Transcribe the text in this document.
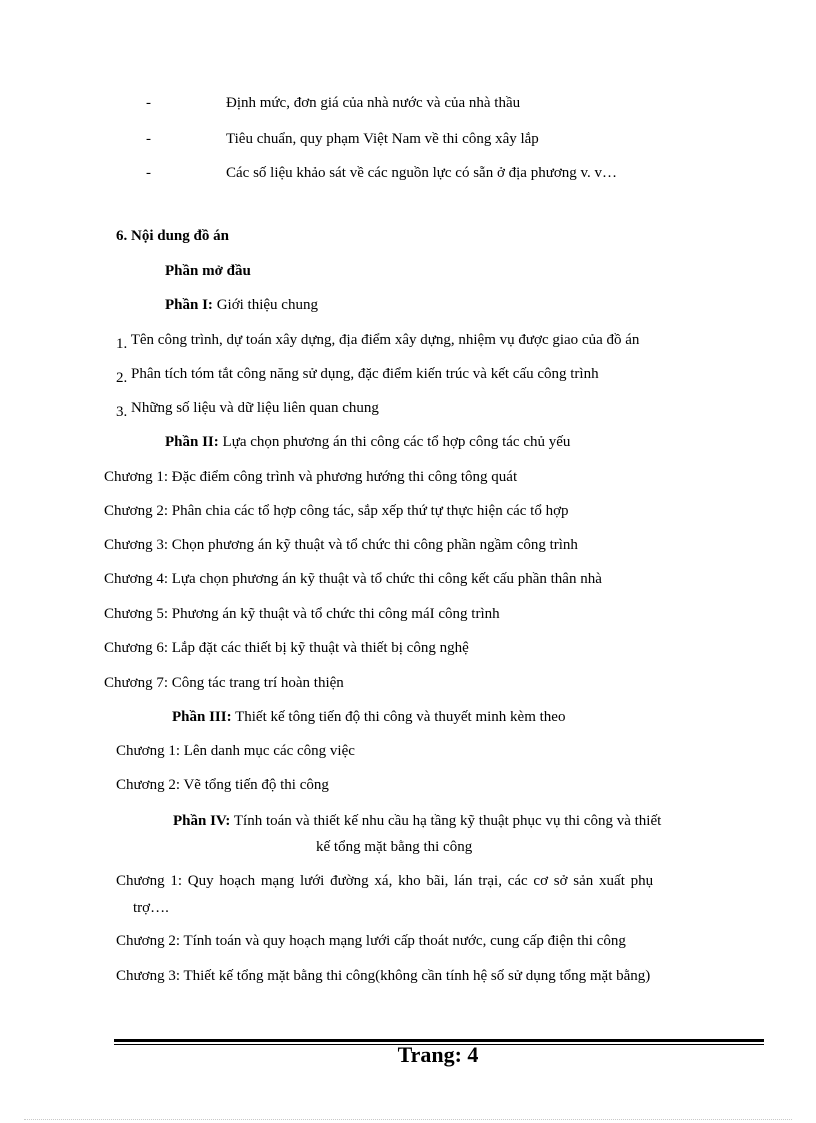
-	Định mức, đơn giá của nhà nước và của nhà thầu
-	Tiêu chuẩn, quy phạm Việt Nam về thi công xây lắp
-	Các số liệu khảo sát về các nguồn lực có sẵn ở địa phương v. v…
6. Nội dung đồ án
Phần mở đầu
Phần I: Giới thiệu chung
1. Tên công trình, dự toán xây dựng, địa điểm xây dựng, nhiệm vụ được giao của đồ án
2. Phân tích tóm tắt công năng sử dụng, đặc điểm kiến trúc và kết cấu công trình
3. Những số liệu và dữ liệu liên quan chung
Phần II: Lựa chọn phương án thi công các tổ hợp công tác chủ yếu
Chương 1: Đặc điểm công trình và phương hướng thi công tông quát
Chương 2: Phân chia các tổ hợp công tác, sắp xếp thứ tự thực hiện các tổ hợp
Chương 3: Chọn phương án kỹ thuật và tổ chức thi công phần ngầm công trình
Chương 4: Lựa chọn phương án kỹ thuật và tổ chức thi công kết cấu phần thân nhà
Chương 5: Phương án kỹ thuật và tổ chức thi công máI công trình
Chương 6: Lắp đặt các thiết bị kỹ thuật và thiết bị công nghệ
Chương 7: Công tác trang trí hoàn thiện
Phần III: Thiết kế tông tiến độ thi công và thuyết minh kèm theo
Chương 1: Lên danh mục các công việc
Chương 2: Vẽ tổng tiến độ thi công
Phần IV: Tính toán và thiết kế nhu cầu hạ tầng kỹ thuật phục vụ thi công và thiết
kế tổng mặt bằng thi công
Chương 1: Quy hoạch mạng lưới đường xá, kho bãi, lán trại, các cơ sở sản xuất phụ
trợ….
Chương 2: Tính toán và quy hoạch mạng lưới cấp thoát nước, cung cấp điện thi công
Chương 3: Thiết kế tổng mặt bằng thi công(không cần tính hệ số sử dụng tổng mặt bằng)
Trang: 4
